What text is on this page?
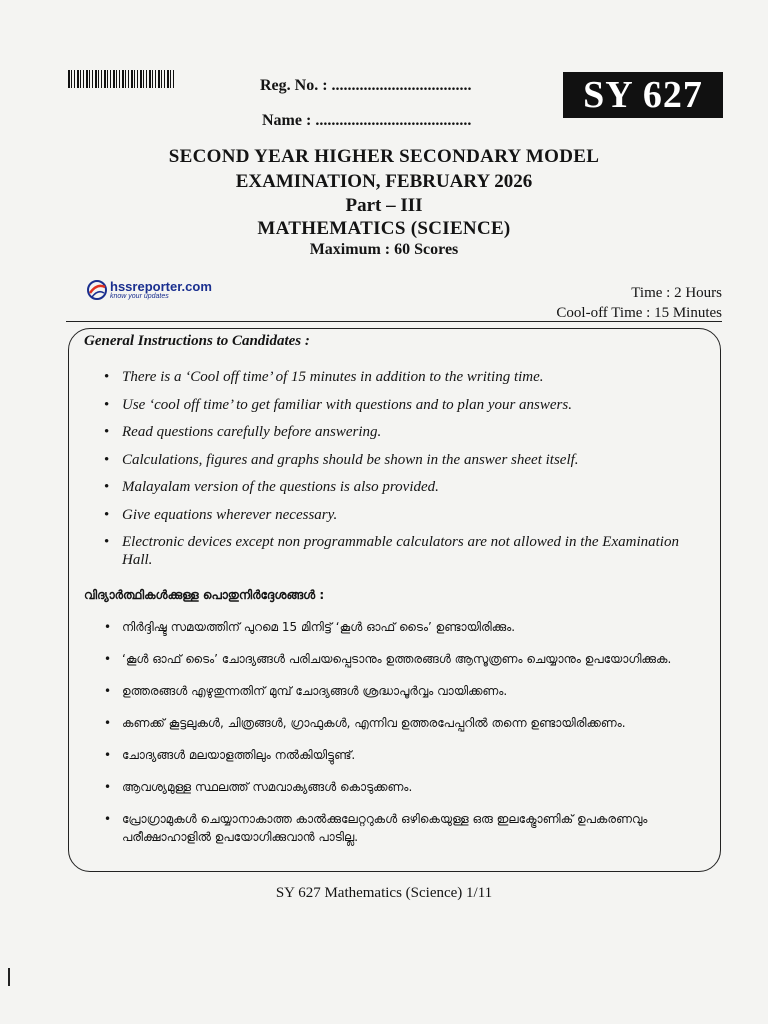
Reg. No. : ...................................
Name : .......................................
SY 627
SECOND YEAR HIGHER SECONDARY MODEL
EXAMINATION, FEBRUARY 2026
Part – III
MATHEMATICS (SCIENCE)
Maximum : 60 Scores
hssreporter.com
know your updates	Time : 2 Hours
Cool-off Time : 15 Minutes
General Instructions to Candidates :
• There is a ‘Cool off time’ of 15 minutes in addition to the writing time.
• Use ‘cool off time’ to get familiar with questions and to plan your answers.
• Read questions carefully before answering.
• Calculations, figures and graphs should be shown in the answer sheet itself.
• Malayalam version of the questions is also provided.
• Give equations wherever necessary.
• Electronic devices except non programmable calculators are not allowed in the Examination Hall.
വിദ്യാർത്ഥികൾക്കുള്ള പൊതുനിർദ്ദേശങ്ങൾ :
• നിർദ്ദിഷ്ട സമയത്തിന് പുറമെ 15 മിനിട്ട് ‘കൂൾ ഓഫ് ടൈം’ ഉണ്ടായിരിക്കും.
• ‘കൂൾ ഓഫ് ടൈം’ ചോദ്യങ്ങൾ പരിചയപ്പെടാനും ഉത്തരങ്ങൾ ആസൂത്രണം ചെയ്യാനും ഉപയോഗിക്കുക.
• ഉത്തരങ്ങൾ എഴുതുന്നതിന് മുമ്പ് ചോദ്യങ്ങൾ ശ്രദ്ധാപൂർവ്വം വായിക്കണം.
• കണക്ക് കൂട്ടലുകൾ, ചിത്രങ്ങൾ, ഗ്രാഫുകൾ, എന്നിവ ഉത്തരപേപ്പറിൽ തന്നെ ഉണ്ടായിരിക്കണം.
• ചോദ്യങ്ങൾ മലയാളത്തിലും നൽകിയിട്ടുണ്ട്.
• ആവശ്യമുള്ള സ്ഥലത്ത് സമവാക്യങ്ങൾ കൊടുക്കണം.
• പ്രോഗ്രാമുകൾ ചെയ്യാനാകാത്ത കാൽക്കുലേറ്ററുകൾ ഒഴികെയുള്ള ഒരു ഇലക്ട്രോണിക് ഉപകരണവും പരീക്ഷാഹാളിൽ ഉപയോഗിക്കുവാൻ പാടില്ല.
SY 627 Mathematics (Science) 1/11
